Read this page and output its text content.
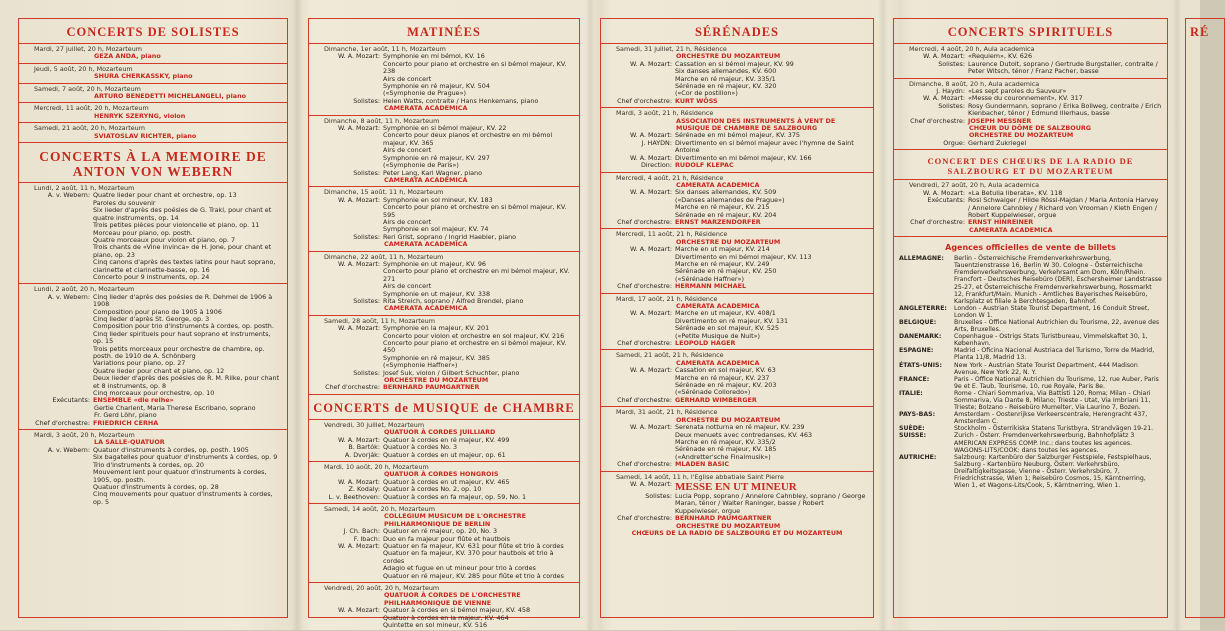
CONCERTS DE SOLISTES
Mardi, 27 juillet, 20 h, Mozarteum
GEZA ANDA, piano
Jeudi, 5 août, 20 h, Mozarteum
SHURA CHERKASSKY, piano
Samedi, 7 août, 20 h, Mozarteum
ARTURO BENEDETTI MICHELANGELI, piano
Mercredi, 11 août, 20 h, Mozarteum
HENRYK SZERYNG, violon
Samedi, 21 août, 20 h, Mozarteum
SVIATOSLAV RICHTER, piano
CONCERTS À LA MEMOIRE DE ANTON VON WEBERN
Lundi, 2 août, 11 h, Mozarteum
A. v. Webern: Quatre lieder pour chant et orchestre, op. 13
Paroles du souvenir
Six lieder d'après des poésies de G. Trakl, pour chant et quatre instruments, op. 14
Trois petites pièces pour violoncelle et piano, op. 11
Morceau pour piano, op. posth.
Quatre morceaux pour violon et piano, op. 7
Trois chants de «Vine invinca» de H. Jone, pour chant et piano, op. 23
Cinq canons d'après des textes latins pour haut soprano, clarinette et clarinette-basse, op. 16
Concerto pour 9 instruments, op. 24
Lundi, 2 août, 20 h, Mozarteum
A. v. Webern: Cinq lieder d'après des poésies de R. Dehmel de 1906 à 1908
Composition pour piano de 1905 à 1906
Cinq lieder d'après St. George, op. 3
Composition pour trio d'instruments à cordes, op. posth.
Cinq lieder spirituels pour haut soprano et instruments, op. 15
Trois petits morceaux pour orchestre de chambre, op. posth. de 1910 de A. Schönberg
Variations pour piano, op. 27
Quatre lieder pour chant et piano, op. 12
Deux lieder d'après des poésies de R. M. Rilke, pour chant et 8 instruments, op. 8
Cinq morceaux pour orchestre, op. 10
Exécutants: ENSEMBLE «die reihe»
Gertie Charlent, Maria Therese Escribano, soprano
Fr. Gerd Löhr, piano
Chef d'orchestre: FRIEDRICH CERHA
Mardi, 3 août, 20 h, Mozarteum
LA SALLE-QUATUOR
A. v. Webern: Quatuor d'instruments à cordes, op. posth. 1905
Six bagatelles pour quatuor d'instruments à cordes, op. 9
Trio d'instruments à cordes, op. 20
Mouvement lent pour quatuor d'instruments à cordes, 1905, op. posth.
Quatuor d'instruments à cordes, op. 28
Cinq mouvements pour quatuor d'instruments à cordes, op. 5
MATINÉES
Dimanche, 1er août, 11 h, Mozarteum
W. A. Mozart: Symphonie en mi bémol, KV. 16
Concerto pour piano et orchestre en si bémol majeur, KV. 238
Airs de concert
Symphonie en ré majeur, KV. 504
(«Symphonie de Prague»)
Solistes: Helen Watts, contralte / Hans Henkemans, piano
CAMERATA ACADEMICA
Dimanche, 8 août, 11 h, Mozarteum
W. A. Mozart: Symphonie en si bémol majeur, KV. 22
Concerto pour deux pianos et orchestre en mi bémol majeur, KV. 365
Airs de concert
Symphonie en ré majeur, KV. 297
(«Symphonie de Paris»)
Solistes: Peter Lang, Karl Wagner, piano
CAMERATA ACADEMICA
Dimanche, 15 août, 11 h, Mozarteum
W. A. Mozart: Symphonie en sol mineur, KV. 183
Concerto pour piano et orchestre en si bémol majeur, KV. 595
Airs de concert
Symphonie en sol majeur, KV. 74
Solistes: Reri Grist, soprano / Ingrid Haebler, piano
CAMERATA ACADEMICA
Dimanche, 22 août, 11 h, Mozarteum
W. A. Mozart: Symphonie en ut majeur, KV. 96
Concerto pour piano et orchestre en mi bémol majeur, KV. 271
Airs de concert
Symphonie en ut majeur, KV. 338
Solistes: Rita Streich, soprano / Alfred Brendel, piano
CAMERATA ACADEMICA
Samedi, 28 août, 11 h, Mozarteum
W. A. Mozart: Symphonie en la majeur, KV. 201
Concerto pour violon et orchestre en sol majeur, KV. 216
Concerto pour piano et orchestre en si bémol majeur, KV. 450
Symphonie en ré majeur, KV. 385
(«Symphonie Haffner»)
Solistes: Josef Suk, violon / Gilbert Schuchter, piano
ORCHESTRE DU MOZARTEUM
Chef d'orchestre: BERNHARD PAUMGARTNER
CONCERTS de MUSIQUE de CHAMBRE
Vendredi, 30 juillet, Mozarteum
QUATUOR À CORDES JUILLIARD
W. A. Mozart: Quatuor à cordes en ré majeur, KV. 499
B. Bartók: Quatuor à cordes No. 3
A. Dvorják: Quatuor à cordes en ut majeur, op. 61
Mardi, 10 août, 20 h, Mozarteum
QUATUOR À CORDES HONGROIS
W. A. Mozart: Quatuor à cordes en ut majeur, KV. 465
Z. Kodaly: Quatuor à cordes No. 2, op. 10
L. v. Beethoven: Quatuor à cordes en fa majeur, op. 59, No. 1
Samedi, 14 août, 20 h, Mozarteum
COLLEGIUM MUSICUM DE L'ORCHESTRE PHILHARMONIQUE DE BERLIN
J. Ch. Bach: Quatuor en ré majeur, op. 20, No. 3
F. Ibach: Duo en fa majeur pour flûte et hautbois
W. A. Mozart: Quatuor en fa majeur, KV. 631 pour flûte et trio à cordes
Quatuor en fa majeur, KV. 370 pour hautbois et trio à cordes
Adagio et fugue en ut mineur pour trio à cordes
Quatuor en ré majeur, KV. 285 pour flûte et trio à cordes
Vendredi, 20 août, 20 h, Mozarteum
QUATUOR À CORDES DE L'ORCHESTRE PHILHARMONIQUE DE VIENNE
W. A. Mozart: Quatuor à cordes en si bémol majeur, KV. 458
Quatuor à cordes en la majeur, KV. 464
Quintette en sol mineur, KV. 516
SÉRÉNADES
Samedi, 31 juillet, 21 h, Résidence
ORCHESTRE DU MOZARTEUM
W. A. Mozart: Cassation en si bémol majeur, KV. 99
Six danses allemandes, KV. 600
Marche en ré majeur, KV. 335/1
Sérénade en ré majeur, KV. 320
(«Cor de postillon»)
Chef d'orchestre: KURT WÖSS
Mardi, 3 août, 21 h, Résidence
ASSOCIATION DES INSTRUMENTS À VENT DE MUSIQUE DE CHAMBRE DE SALZBOURG
W. A. Mozart: Sérénade en mi bémol majeur, KV. 375
J. HAYDN: Divertimento en si bémol majeur avec l'hymne de Saint Antoine
W. A. Mozart: Divertimento en mi bémol majeur, KV. 166
Direction: RUDOLF KLEPAC
Mercredi, 4 août, 21 h, Résidence
CAMERATA ACADEMICA
W. A. Mozart: Six danses allemandes, KV. 509
(«Danses allemandes de Prague»)
Marche en ré majeur, KV. 215
Sérénade en ré majeur, KV. 204
Chef d'orchestre: ERNST MARZENDORFER
Mercredi, 11 août, 21 h, Résidence
ORCHESTRE DU MOZARTEUM
W. A. Mozart: Marche en ut majeur, KV. 214
Divertimento en mi bémol majeur, KV. 113
Marche en ré majeur, KV. 249
Sérénade en ré majeur, KV. 250
(«Sérénade Haffner»)
Chef d'orchestre: HERMANN MICHAEL
Mardi, 17 août, 21 h, Résidence
CAMERATA ACADEMICA
W. A. Mozart: Marche en ut majeur, KV. 408/1
Divertimento en ré majeur, KV. 131
Sérénade en sol majeur, KV. 525
(«Petite Musique de Nuit»)
Chef d'orchestre: LEOPOLD HAGER
Samedi, 21 août, 21 h, Résidence
CAMERATA ACADEMICA
W. A. Mozart: Cassation en sol majeur, KV. 63
Marche en ré majeur, KV. 237
Sérénade en ré majeur, KV. 203
(«Sérénade Colloredo»)
Chef d'orchestre: GERHARD WIMBERGER
Mardi, 31 août, 21 h, Résidence
ORCHESTRE DU MOZARTEUM
W. A. Mozart: Serenata notturna en ré majeur, KV. 239
Deux menuets avec contredanses, KV. 463
Marche en ré majeur, KV. 335/2
Sérénade en ré majeur, KV. 185
(«Andretter'sche Finalmusik»)
Chef d'orchestre: MLADEN BASIC
Samedi, 14 août, 11 h, l'Eglise abbatiale Saint Pierre
W. A. Mozart: MESSE EN UT MINEUR
Solistes: Lucia Popp, soprano / Annelore Cahnbley, soprano / George Maran, ténor / Walter Raninger, basse / Robert Kuppelwieser, orgue
Chef d'orchestre: BERNHARD PAUMGARTNER
ORCHESTRE DU MOZARTEUM
CHŒURS DE LA RADIO DE SALZBOURG ET DU MOZARTEUM
CONCERTS SPIRITUELS
Mercredi, 4 août, 20 h, Aula academica
W. A. Mozart: «Requiem», KV. 626
Solistes: Laurence Dutoit, soprano / Gertrude Burgstaller, contralte / Peter Witsch, ténor / Franz Pacher, basse
Dimanche, 8 août, 20 h, Aula academica
J. Haydn: «Les sept paroles du Sauveur»
W. A. Mozart: «Messe du couronnement», KV. 317
Solistes: Rosy Gundermann, soprano / Erika Bollweg, contralte / Erich Kienbacher, ténor / Edmund Illerhaus, basse
Chef d'orchestre: JOSEPH MESSNER
CHŒUR DU DÔME DE SALZBOURG
ORCHESTRE DU MOZARTEUM
Orgue: Gerhard Zukriegel
CONCERT DES CHŒURS DE LA RADIO DE SALZBOURG ET DU MOZARTEUM
Vendredi, 27 août, 20 h, Aula academica
W. A. Mozart: «La Betulia liberata», KV. 118
Exécutants: Rosl Schwaiger / Hilde Rössl-Majdan / Maria Antonia Harvey / Annelore Cahnbley / Richard von Vrooman / Kieth Engen / Robert Kuppelwieser, orgue
Chef d'orchestre: ERNST HINREINER
CAMERATA ACADEMICA
Agences officielles de vente de billets
ALLEMAGNE:	Berlin - Österreichische Fremdenverkehrswerbung, Tauentzienstrasse 16, Berlin W 30. Cologne - Österreichische Fremdenverkehrswerbung, Verkehrsamt am Dom, Köln/Rhein. Francfort - Deutsches Reisebüro (DER), Eschersheimer Landstrasse 25-27, et Österreichische Fremdenverkehrswerbung, Rossmarkt 12, Frankfurt/Main. Munich - Amtliches Bayerisches Reisebüro, Karlsplatz et filiale à Berchtesgaden, Bahnhof.
ANGLETERRE:	London - Austrian State Tourist Department, 16 Conduit Street, London W 1.
BELGIQUE:	Bruxelles - Office National Autrichien du Tourisme, 22, avenue des Arts, Bruxelles.
DANEMARK:	Copenhague - Ostrigs Stats Turistbureau, Vimmelskaftet 30, 1, København.
ESPAGNE:	Madrid - Oficina Nacional Austriaca del Turismo, Torre de Madrid, Planta 11/8, Madrid 13.
ÉTATS-UNIS:	New York - Austrian State Tourist Department, 444 Madison Avenue, New York 22, N. Y.
FRANCE:	Paris - Office National Autrichien du Tourisme, 12, rue Auber, Paris 9e et E. Taub, Tourisme, 10, rue Royale, Paris 8e.
ITALIE:	Rome - Chiari Sommariva, Via Battisti 120, Roma; Milan - Chiari Sommariva, Via Dante 8, Milano; Trieste - Utat, Via Imbriani 11, Trieste; Bolzano - Reisebüro Mumelter, Via Laurino 7, Bozen.
PAYS-BAS:	Amsterdam - Oostenrijkse Verkeerscentrale, Herengracht 437, Amsterdam C.
SUÈDE:	Stockholm - Österrikiska Statens Turistbyra, Strandvägen 19-21.
SUISSE:	Zurich - Österr. Fremdenverkehrswerbung, Bahnhofplatz 3
AMERICAN EXPRESS COMP. Inc.: dans toutes les agences.
WAGONS-LITS/COOK: dans toutes les agences.
AUTRICHE:	Salzbourg: Kartenbüro der Salzburger Festspiele, Festspielhaus, Salzburg - Kartenbüro Neuburg, Österr. Verkehrsbüro, Dreifaltigkeitsgasse, Vienne - Österr. Verkehrsbüro, 7, Friedrichstrasse, Wien 1; Reisebüro Cosmos, 15, Kärntnerring, Wien 1, et Wagons-Lits/Cook, 5, Kärntnerring, Wien 1.
RÉ
